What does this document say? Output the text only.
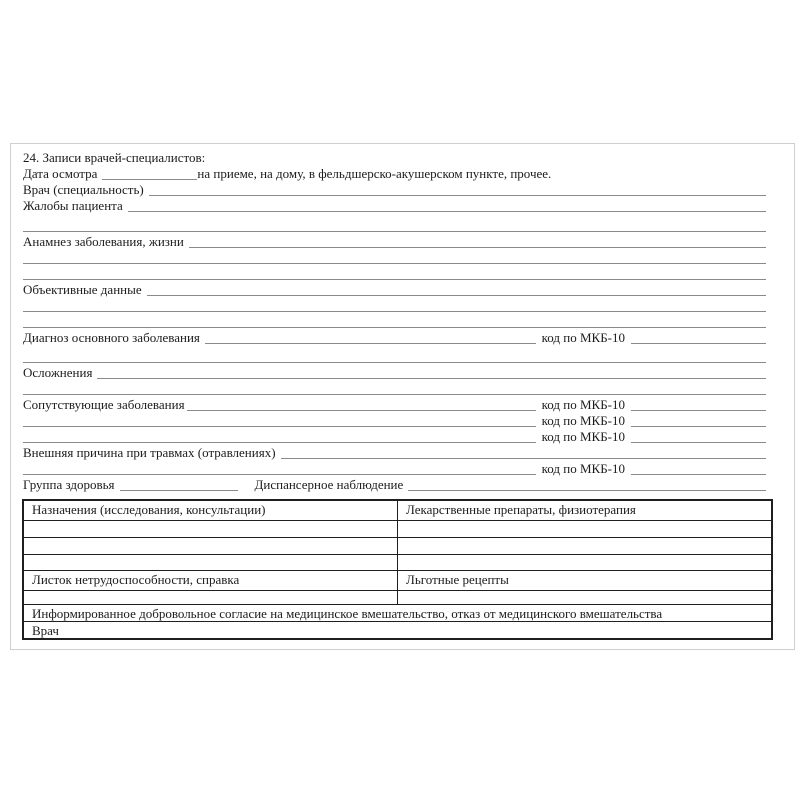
24. Записи врачей-специалистов:
Дата осмотра	на приеме, на дому, в фельдшерско-акушерском пункте, прочее.
Врач (специальность)
Жалобы пациента
Анамнез заболевания, жизни
Объективные данные
Диагноз основного заболевания	код по МКБ-10
Осложнения
Сопутствующие заболевания	код по МКБ-10
код по МКБ-10
код по МКБ-10
Внешняя причина при травмах (отравлениях)
код по МКБ-10
Группа здоровья	Диспансерное наблюдение
Назначения (исследования, консультации)	Лекарственные препараты, физиотерапия

Листок нетрудоспособности, справка	Льготные рецепты

Информированное добровольное согласие на медицинское вмешательство, отказ от медицинского вмешательства	
Врач	
